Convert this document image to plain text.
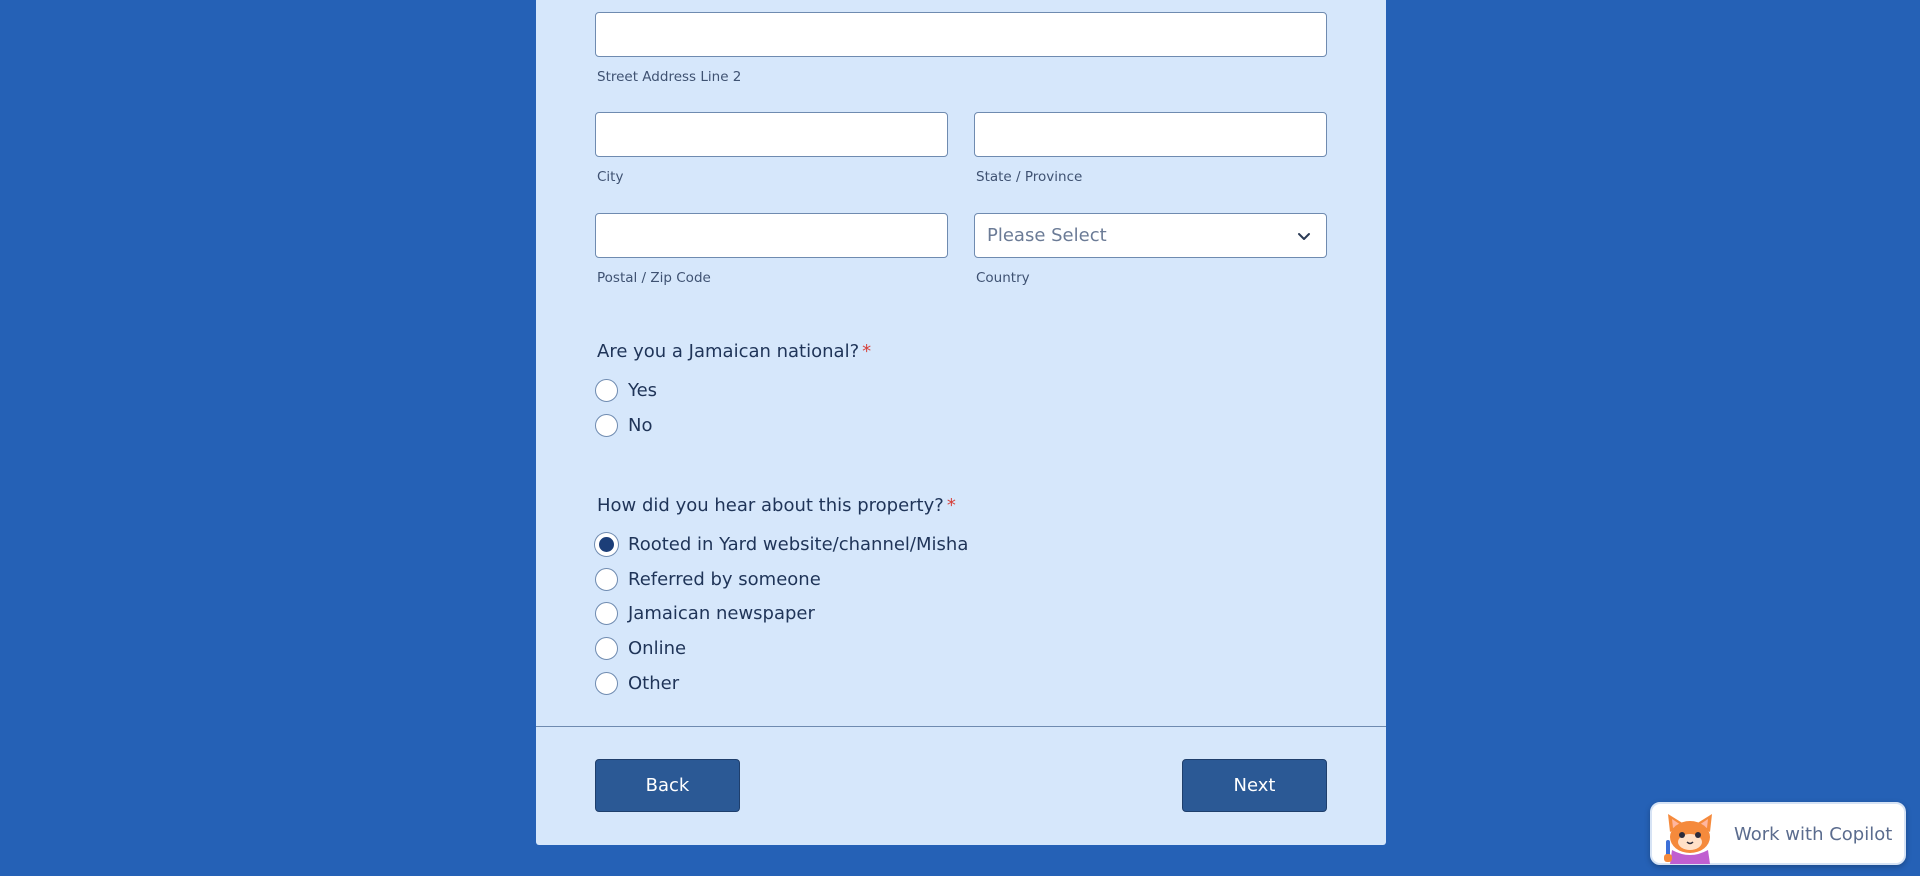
Street Address Line 2
City	State / Province
Postal / Zip Code
Please Select
Country
Are you a Jamaican national? *
Yes
No
How did you hear about this property? *
Rooted in Yard website/channel/Misha
Referred by someone
Jamaican newspaper
Online
Other
Back	Next
Work with Copilot
